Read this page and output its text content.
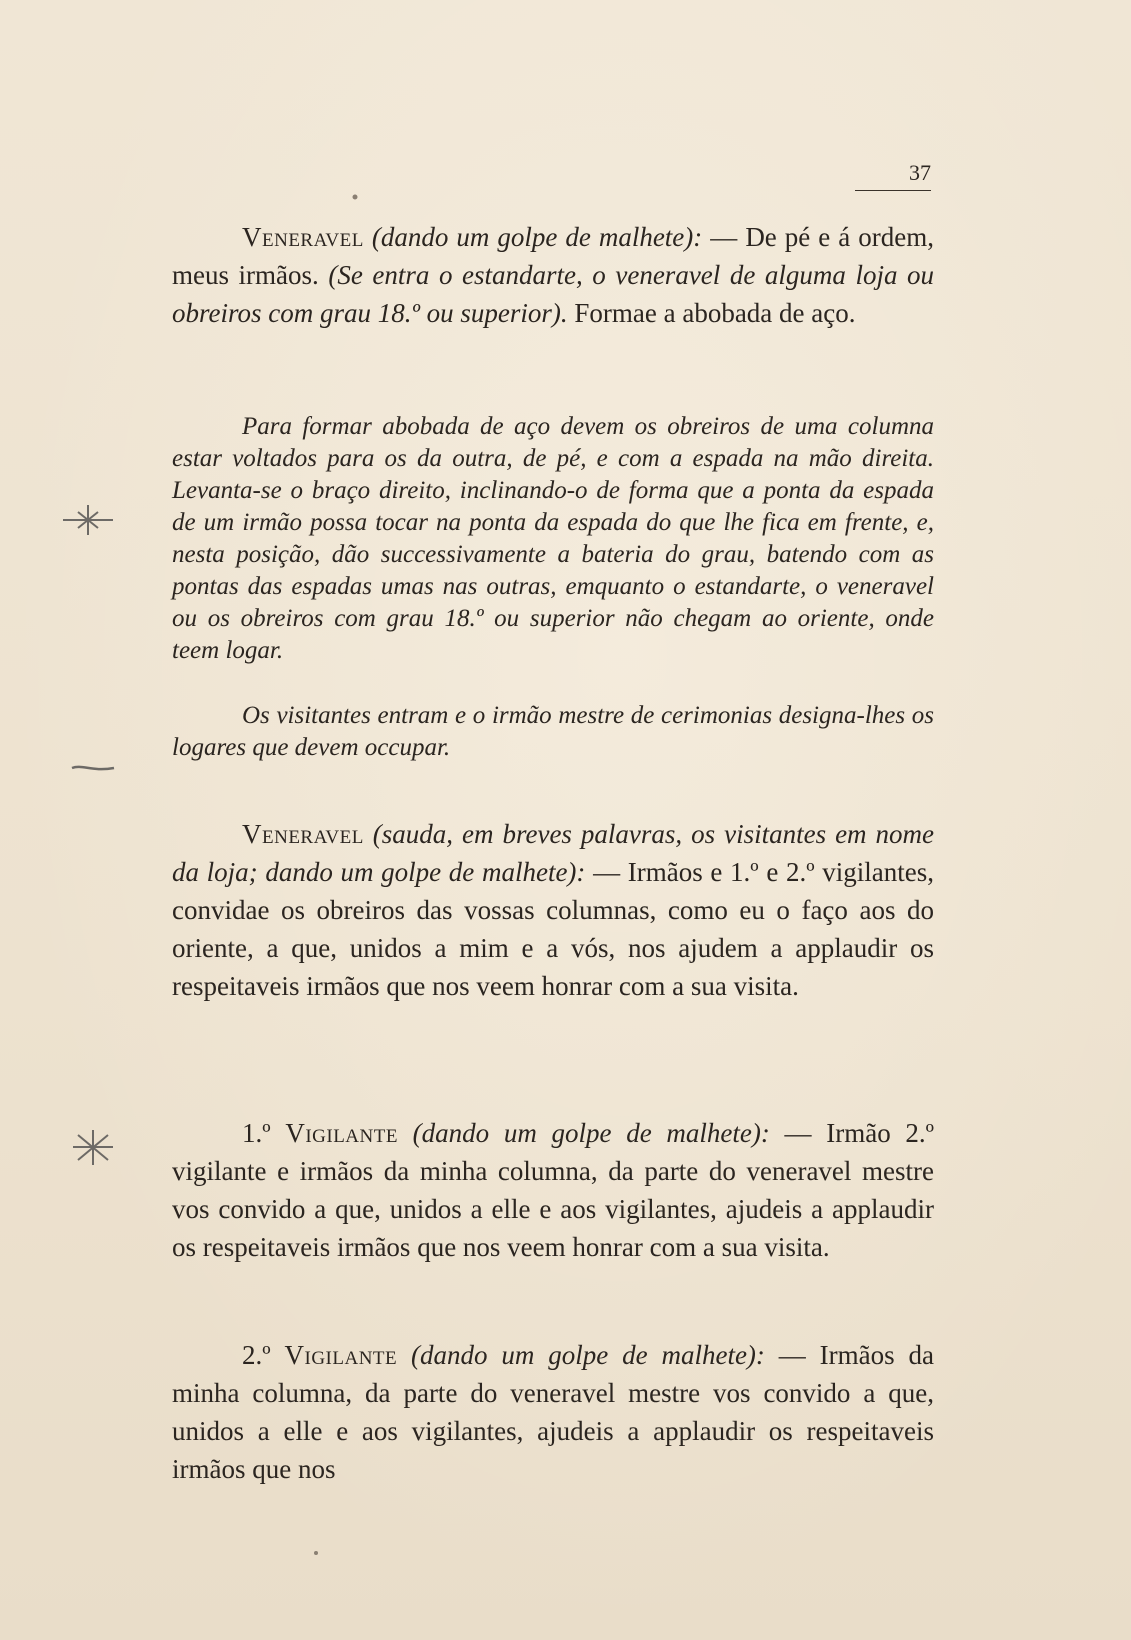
37
Veneravel (dando um golpe de malhete): — De pé e á ordem, meus irmãos. (Se entra o estandarte, o veneravel de alguma loja ou obreiros com grau 18.º ou superior). Formae a abobada de aço.
Para formar abobada de aço devem os obreiros de uma columna estar voltados para os da outra, de pé, e com a espada na mão direita. Levanta-se o braço direito, inclinando-o de forma que a ponta da espada de um irmão possa tocar na ponta da espada do que lhe fica em frente, e, nesta posição, dão successivamente a bateria do grau, batendo com as pontas das espadas umas nas outras, emquanto o estandarte, o veneravel ou os obreiros com grau 18.º ou superior não chegam ao oriente, onde teem logar.
Os visitantes entram e o irmão mestre de cerimonias designa-lhes os logares que devem occupar.
Veneravel (sauda, em breves palavras, os visitantes em nome da loja; dando um golpe de malhete): — Irmãos e 1.º e 2.º vigilantes, convidae os obreiros das vossas columnas, como eu o faço aos do oriente, a que, unidos a mim e a vós, nos ajudem a applaudir os respeitaveis irmãos que nos veem honrar com a sua visita.
1.º Vigilante (dando um golpe de malhete): — Irmão 2.º vigilante e irmãos da minha columna, da parte do veneravel mestre vos convido a que, unidos a elle e aos vigilantes, ajudeis a applaudir os respeitaveis irmãos que nos veem honrar com a sua visita.
2.º Vigilante (dando um golpe de malhete): — Irmãos da minha columna, da parte do veneravel mestre vos convido a que, unidos a elle e aos vigilantes, ajudeis a applaudir os respeitaveis irmãos que nos
